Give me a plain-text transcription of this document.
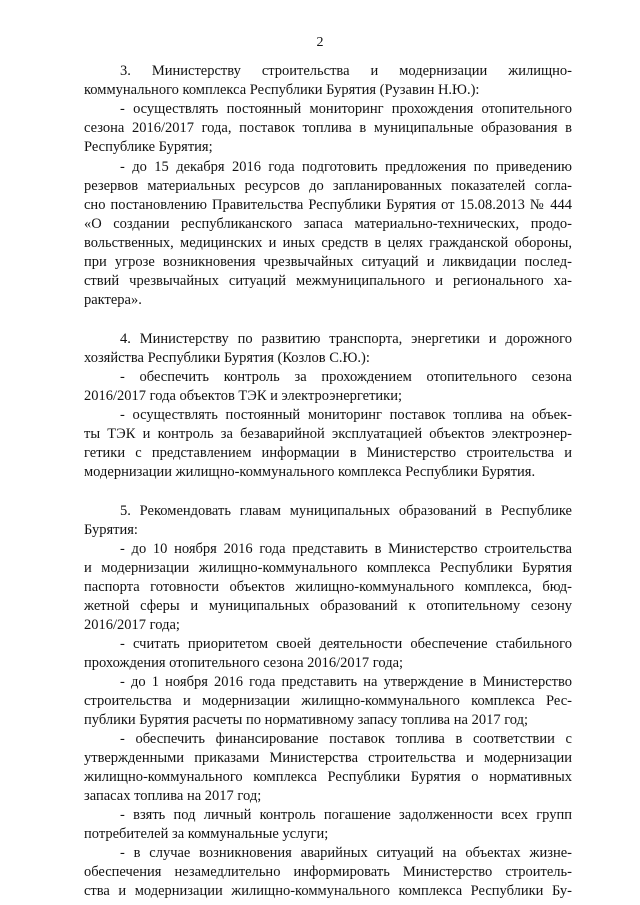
2
3. Министерству строительства и модернизации жилищно-
коммунального комплекса Республики Бурятия (Рузавин Н.Ю.):
- осуществлять постоянный мониторинг прохождения отопительного
сезона 2016/2017 года, поставок топлива в муниципальные образования в
Республике Бурятия;
- до 15 декабря 2016 года подготовить предложения по приведению
резервов материальных ресурсов до запланированных показателей согла-
сно постановлению Правительства Республики Бурятия от 15.08.2013 № 444
«О создании республиканского запаса материально-технических, продо-
вольственных, медицинских и иных средств в целях гражданской обороны,
при угрозе возникновения чрезвычайных ситуаций и ликвидации послед-
ствий чрезвычайных ситуаций межмуниципального и регионального ха-
рактера».
4. Министерству по развитию транспорта, энергетики и дорожного
хозяйства Республики Бурятия (Козлов С.Ю.):
- обеспечить контроль за прохождением отопительного сезона
2016/2017 года объектов ТЭК и электроэнергетики;
- осуществлять постоянный мониторинг поставок топлива на объек-
ты ТЭК и контроль за безаварийной эксплуатацией объектов электроэнер-
гетики с представлением информации в Министерство строительства и
модернизации жилищно-коммунального комплекса Республики Бурятия.
5. Рекомендовать главам муниципальных образований в Республике
Бурятия:
- до 10 ноября 2016 года представить в Министерство строительства
и модернизации жилищно-коммунального комплекса Республики Бурятия
паспорта готовности объектов жилищно-коммунального комплекса, бюд-
жетной сферы и муниципальных образований к отопительному сезону
2016/2017 года;
- считать приоритетом своей деятельности обеспечение стабильного
прохождения отопительного сезона 2016/2017 года;
- до 1 ноября 2016 года представить на утверждение в Министерство
строительства и модернизации жилищно-коммунального комплекса Рес-
публики Бурятия расчеты по нормативному запасу топлива на 2017 год;
- обеспечить финансирование поставок топлива в соответствии с
утвержденными приказами Министерства строительства и модернизации
жилищно-коммунального комплекса Республики Бурятия о нормативных
запасах топлива на 2017 год;
- взять под личный контроль погашение задолженности всех групп
потребителей за коммунальные услуги;
- в случае возникновения аварийных ситуаций на объектах жизне-
обеспечения незамедлительно информировать Министерство строитель-
ства и модернизации жилищно-коммунального комплекса Республики Бу-
